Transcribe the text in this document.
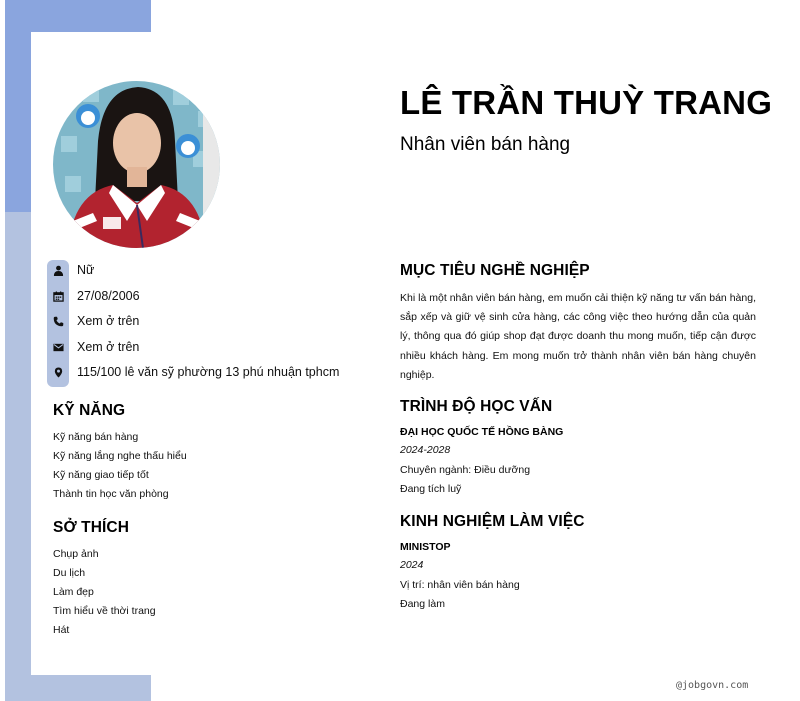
Nữ
27/08/2006
Xem ở trên
Xem ở trên
115/100 lê văn sỹ phường 13 phú nhuận tphcm
KỸ NĂNG
Kỹ năng bán hàng
Kỹ năng lắng nghe thấu hiểu
Kỹ năng giao tiếp tốt
Thành tin học văn phòng
SỞ THÍCH
Chụp ảnh
Du lịch
Làm đẹp
Tìm hiểu về thời trang
Hát
LÊ TRẦN THUỲ TRANG
Nhân viên bán hàng
MỤC TIÊU NGHỀ NGHIỆP
Khi là một nhân viên bán hàng, em muốn cải thiện kỹ năng tư vấn bán hàng, sắp xếp và giữ vệ sinh cửa hàng, các công việc theo hướng dẫn của quản lý, thông qua đó giúp shop đạt được doanh thu mong muốn, tiếp cận được nhiều khách hàng. Em mong muốn trở thành nhân viên bán hàng chuyên nghiệp.
TRÌNH ĐỘ HỌC VẤN
ĐẠI HỌC QUỐC TẾ HỒNG BÀNG
2024-2028
Chuyên ngành: Điều dưỡng
Đang tích luỹ
KINH NGHIỆM LÀM VIỆC
MINISTOP
2024
Vị trí: nhân viên bán hàng
Đang làm
@jobgovn.com
